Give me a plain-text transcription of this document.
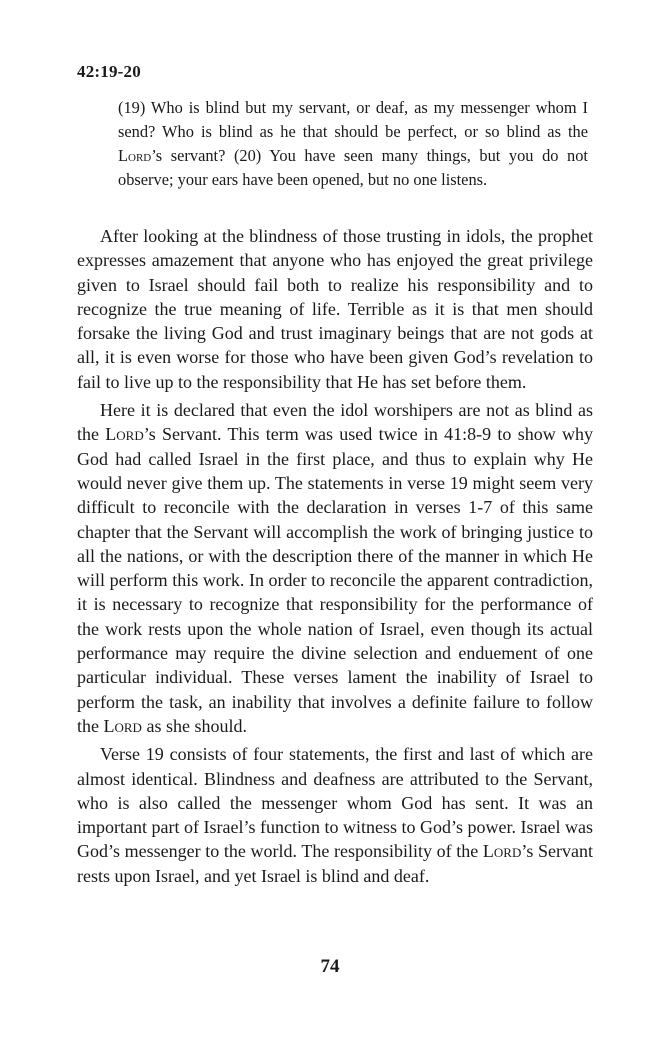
42:19-20
(19) Who is blind but my servant, or deaf, as my messenger whom I send? Who is blind as he that should be perfect, or so blind as the Lord’s servant? (20) You have seen many things, but you do not observe; your ears have been opened, but no one listens.

After looking at the blindness of those trusting in idols, the prophet expresses amazement that anyone who has enjoyed the great privilege given to Israel should fail both to realize his responsibility and to recognize the true meaning of life. Terrible as it is that men should forsake the living God and trust imaginary beings that are not gods at all, it is even worse for those who have been given God’s revelation to fail to live up to the responsibility that He has set before them.

Here it is declared that even the idol worshipers are not as blind as the Lord’s Servant. This term was used twice in 41:8-9 to show why God had called Israel in the first place, and thus to explain why He would never give them up. The statements in verse 19 might seem very difficult to reconcile with the declaration in verses 1-7 of this same chapter that the Servant will accomplish the work of bringing justice to all the nations, or with the description there of the manner in which He will perform this work. In order to reconcile the apparent contradiction, it is necessary to recognize that responsibility for the performance of the work rests upon the whole nation of Israel, even though its actual performance may require the divine selection and enduement of one particular individual. These verses lament the inability of Israel to perform the task, an inability that involves a definite failure to follow the Lord as she should.

Verse 19 consists of four statements, the first and last of which are almost identical. Blindness and deafness are attributed to the Servant, who is also called the messenger whom God has sent. It was an important part of Israel’s function to witness to God’s power. Israel was God’s messenger to the world. The responsibility of the Lord’s Servant rests upon Israel, and yet Israel is blind and deaf.

74
